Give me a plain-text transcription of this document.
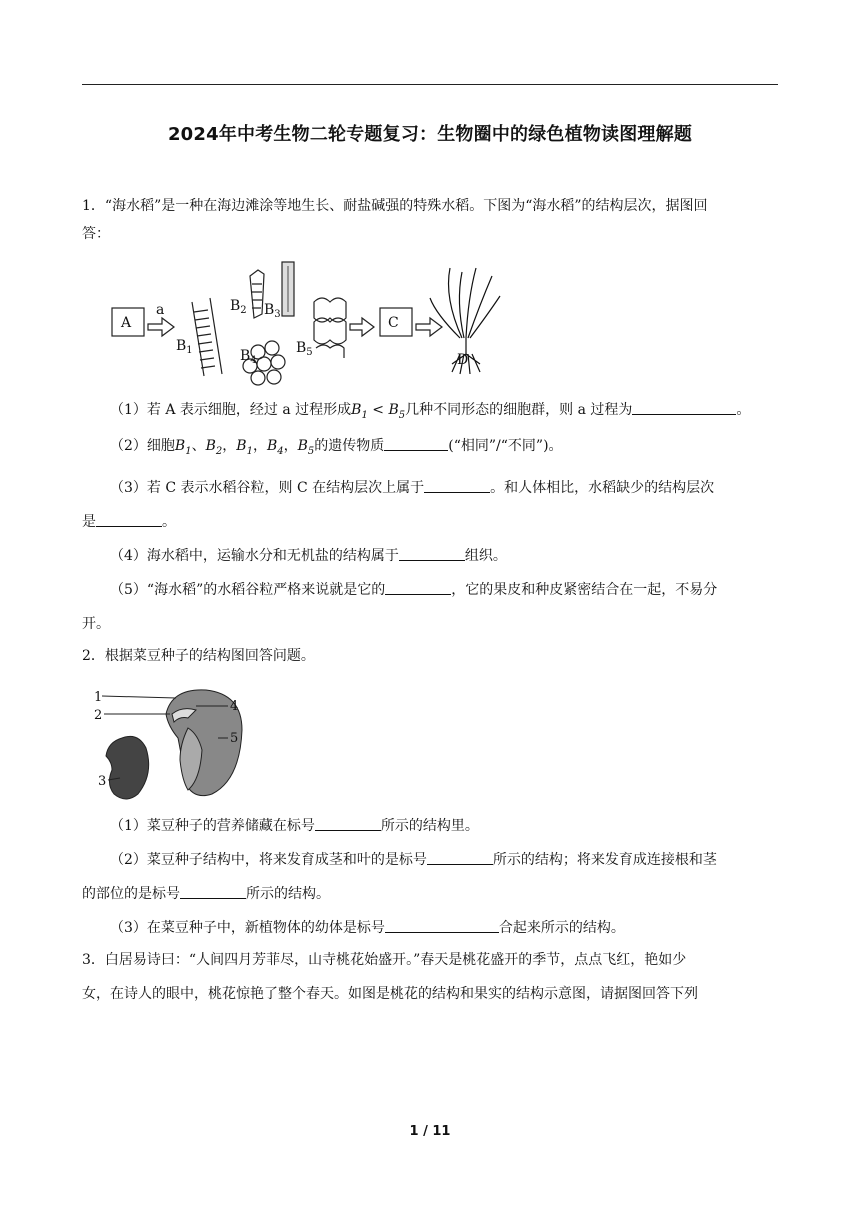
2024年中考生物二轮专题复习：生物圈中的绿色植物读图理解题
1．“海水稻”是一种在海边滩涂等地生长、耐盐碱强的特殊水稻。下图为“海水稻”的结构层次，据图回
答：
A
a
$B_1$
$B_2$ $B_3$
$B_4$
$B_5$
C
D
（1）若 A 表示细胞，经过 a 过程形成$B_1 < B_5$几种不同形态的细胞群，则 a 过程为	。
（2）细胞$B_1$、$B_2$，$B_1$，$B_4$，$B_5$的遗传物质	(“相同”/“不同”)。
（3）若 C 表示水稻谷粒，则 C 在结构层次上属于	。和人体相比，水稻缺少的结构层次
是	。
（4）海水稻中，运输水分和无机盐的结构属于	组织。
（5）“海水稻”的水稻谷粒严格来说就是它的	，它的果皮和种皮紧密结合在一起，不易分
开。
2．根据菜豆种子的结构图回答问题。
1
2
3
4
5
（1）菜豆种子的营养储藏在标号	所示的结构里。
（2）菜豆种子结构中，将来发育成茎和叶的是标号	所示的结构；将来发育成连接根和茎
的部位的是标号	所示的结构。
（3）在菜豆种子中，新植物体的幼体是标号	合起来所示的结构。
3．白居易诗曰：“人间四月芳菲尽，山寺桃花始盛开。”春天是桃花盛开的季节，点点飞红，艳如少
女，在诗人的眼中，桃花惊艳了整个春天。如图是桃花的结构和果实的结构示意图，请据图回答下列
1 / 11
